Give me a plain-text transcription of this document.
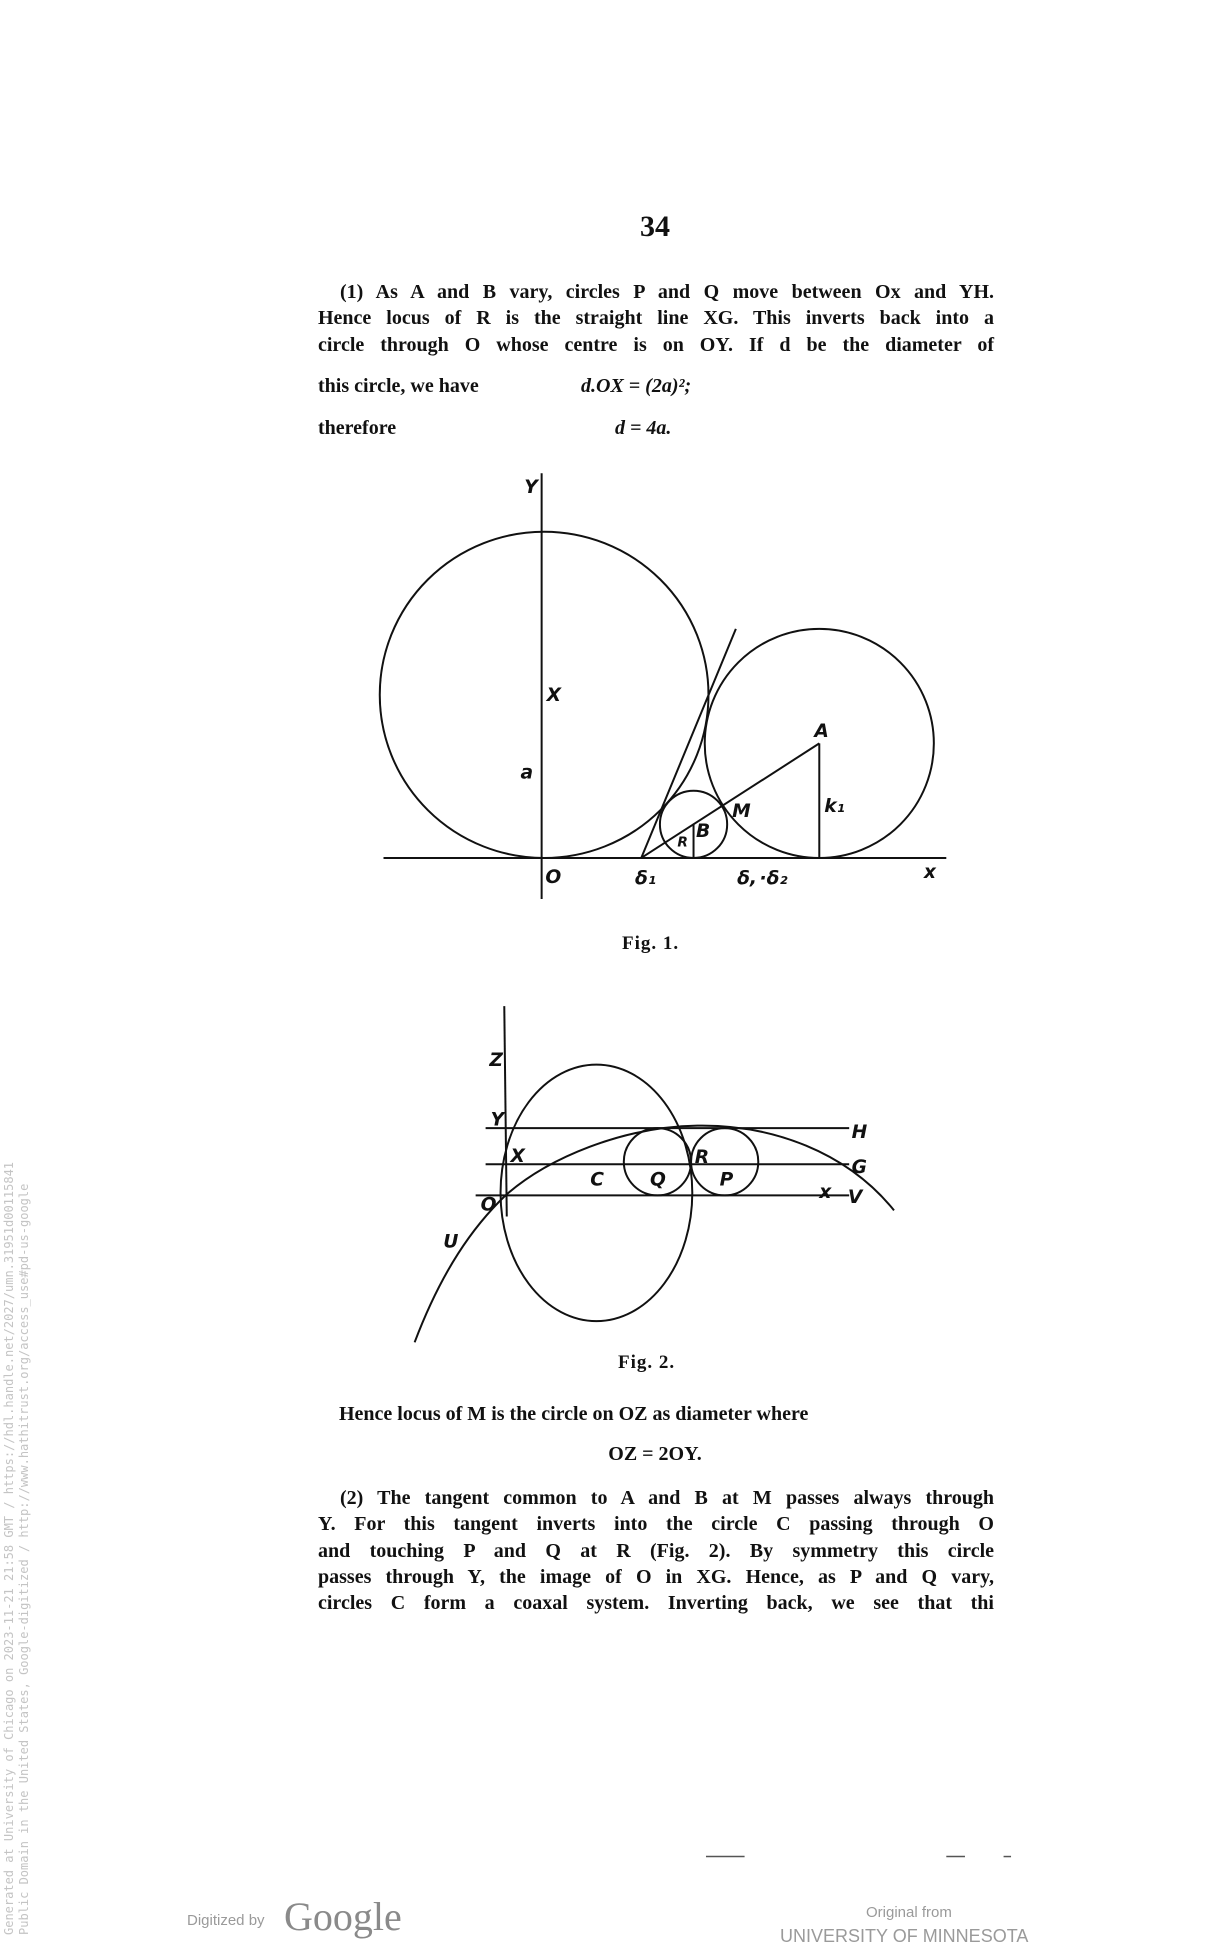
34
(1) As A and B vary, circles P and Q move between Ox and YH.
Hence locus of R is the straight line XG. This inverts back into a
circle through O whose centre is on OY. If d be the diameter of
this circle, we have	d.OX = (2a)²;
therefore	d = 4a.
Y
X
a
O	δ₁	δ, ·δ₂	x
A
k₁
M
B
R
Z
Y
X
C	Q
R
P
H
G
x V
O
U
Fig. 1.
Fig. 2.
Hence locus of M is the circle on OZ as diameter where
OZ = 2OY.
(2) The tangent common to A and B at M passes always through
Y. For this tangent inverts into the circle C passing through O
and touching P and Q at R (Fig. 2). By symmetry this circle
passes through Y, the image of O in XG. Hence, as P and Q vary,
circles C form a coaxal system. Inverting back, we see that thi
Generated at University of Chicago on 2023-11-21 21:58 GMT / https://hdl.handle.net/2027/umn.31951d00115841 Public Domain in the United States, Google-digitized / http://www.hathitrust.org/access_use#pd-us-google	Digitized by Google	Original from
UNIVERSITY OF MINNESOTA
